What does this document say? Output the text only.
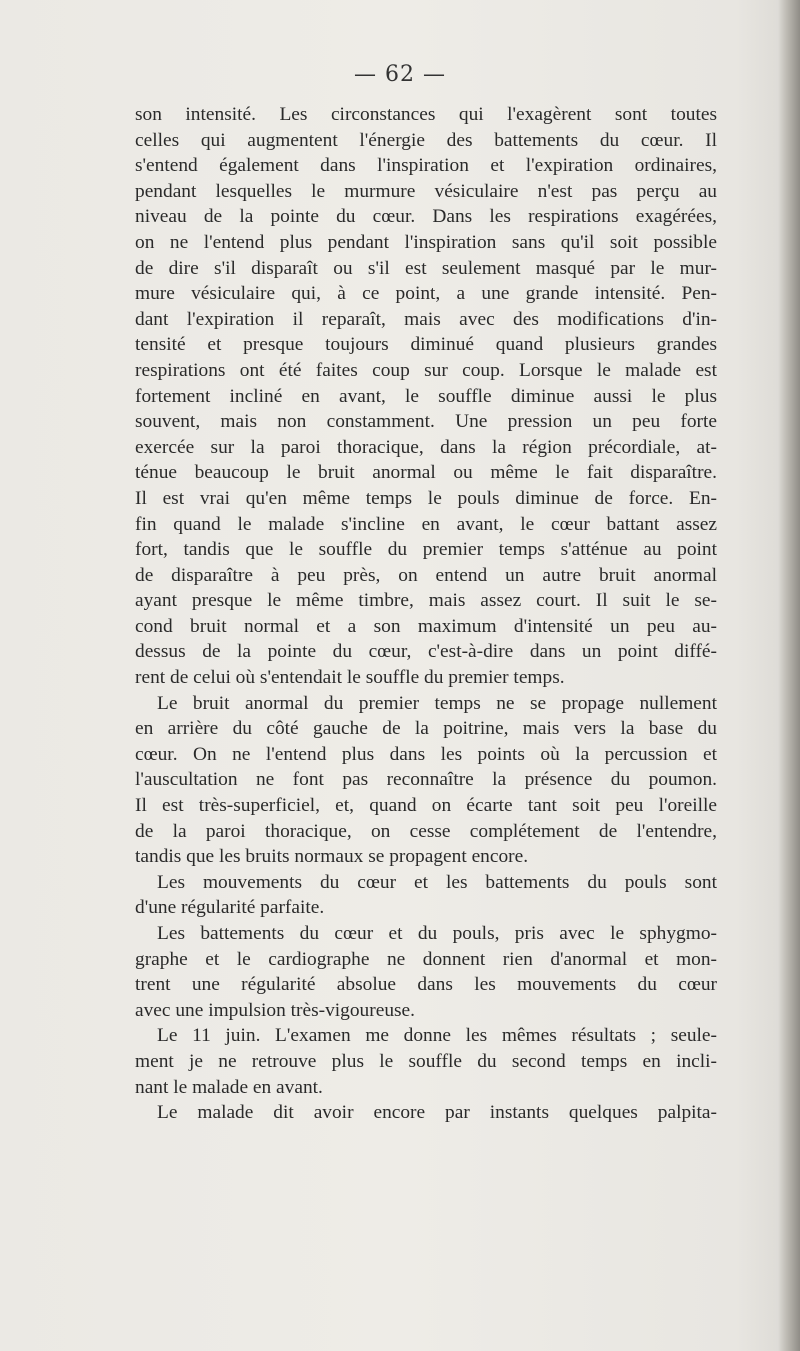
— 62 —
son intensité. Les circonstances qui l'exagèrent sont toutes
celles qui augmentent l'énergie des battements du cœur. Il
s'entend également dans l'inspiration et l'expiration ordinaires,
pendant lesquelles le murmure vésiculaire n'est pas perçu au
niveau de la pointe du cœur. Dans les respirations exagérées,
on ne l'entend plus pendant l'inspiration sans qu'il soit possible
de dire s'il disparaît ou s'il est seulement masqué par le mur-
mure vésiculaire qui, à ce point, a une grande intensité. Pen-
dant l'expiration il reparaît, mais avec des modifications d'in-
tensité et presque toujours diminué quand plusieurs grandes
respirations ont été faites coup sur coup. Lorsque le malade est
fortement incliné en avant, le souffle diminue aussi le plus
souvent, mais non constamment. Une pression un peu forte
exercée sur la paroi thoracique, dans la région précordiale, at-
ténue beaucoup le bruit anormal ou même le fait disparaître.
Il est vrai qu'en même temps le pouls diminue de force. En-
fin quand le malade s'incline en avant, le cœur battant assez
fort, tandis que le souffle du premier temps s'atténue au point
de disparaître à peu près, on entend un autre bruit anormal
ayant presque le même timbre, mais assez court. Il suit le se-
cond bruit normal et a son maximum d'intensité un peu au-
dessus de la pointe du cœur, c'est-à-dire dans un point diffé-
rent de celui où s'entendait le souffle du premier temps.
Le bruit anormal du premier temps ne se propage nullement
en arrière du côté gauche de la poitrine, mais vers la base du
cœur. On ne l'entend plus dans les points où la percussion et
l'auscultation ne font pas reconnaître la présence du poumon.
Il est très-superficiel, et, quand on écarte tant soit peu l'oreille
de la paroi thoracique, on cesse complétement de l'entendre,
tandis que les bruits normaux se propagent encore.
Les mouvements du cœur et les battements du pouls sont
d'une régularité parfaite.
Les battements du cœur et du pouls, pris avec le sphygmo-
graphe et le cardiographe ne donnent rien d'anormal et mon-
trent une régularité absolue dans les mouvements du cœur
avec une impulsion très-vigoureuse.
Le 11 juin. L'examen me donne les mêmes résultats ; seule-
ment je ne retrouve plus le souffle du second temps en incli-
nant le malade en avant.
Le malade dit avoir encore par instants quelques palpita-
